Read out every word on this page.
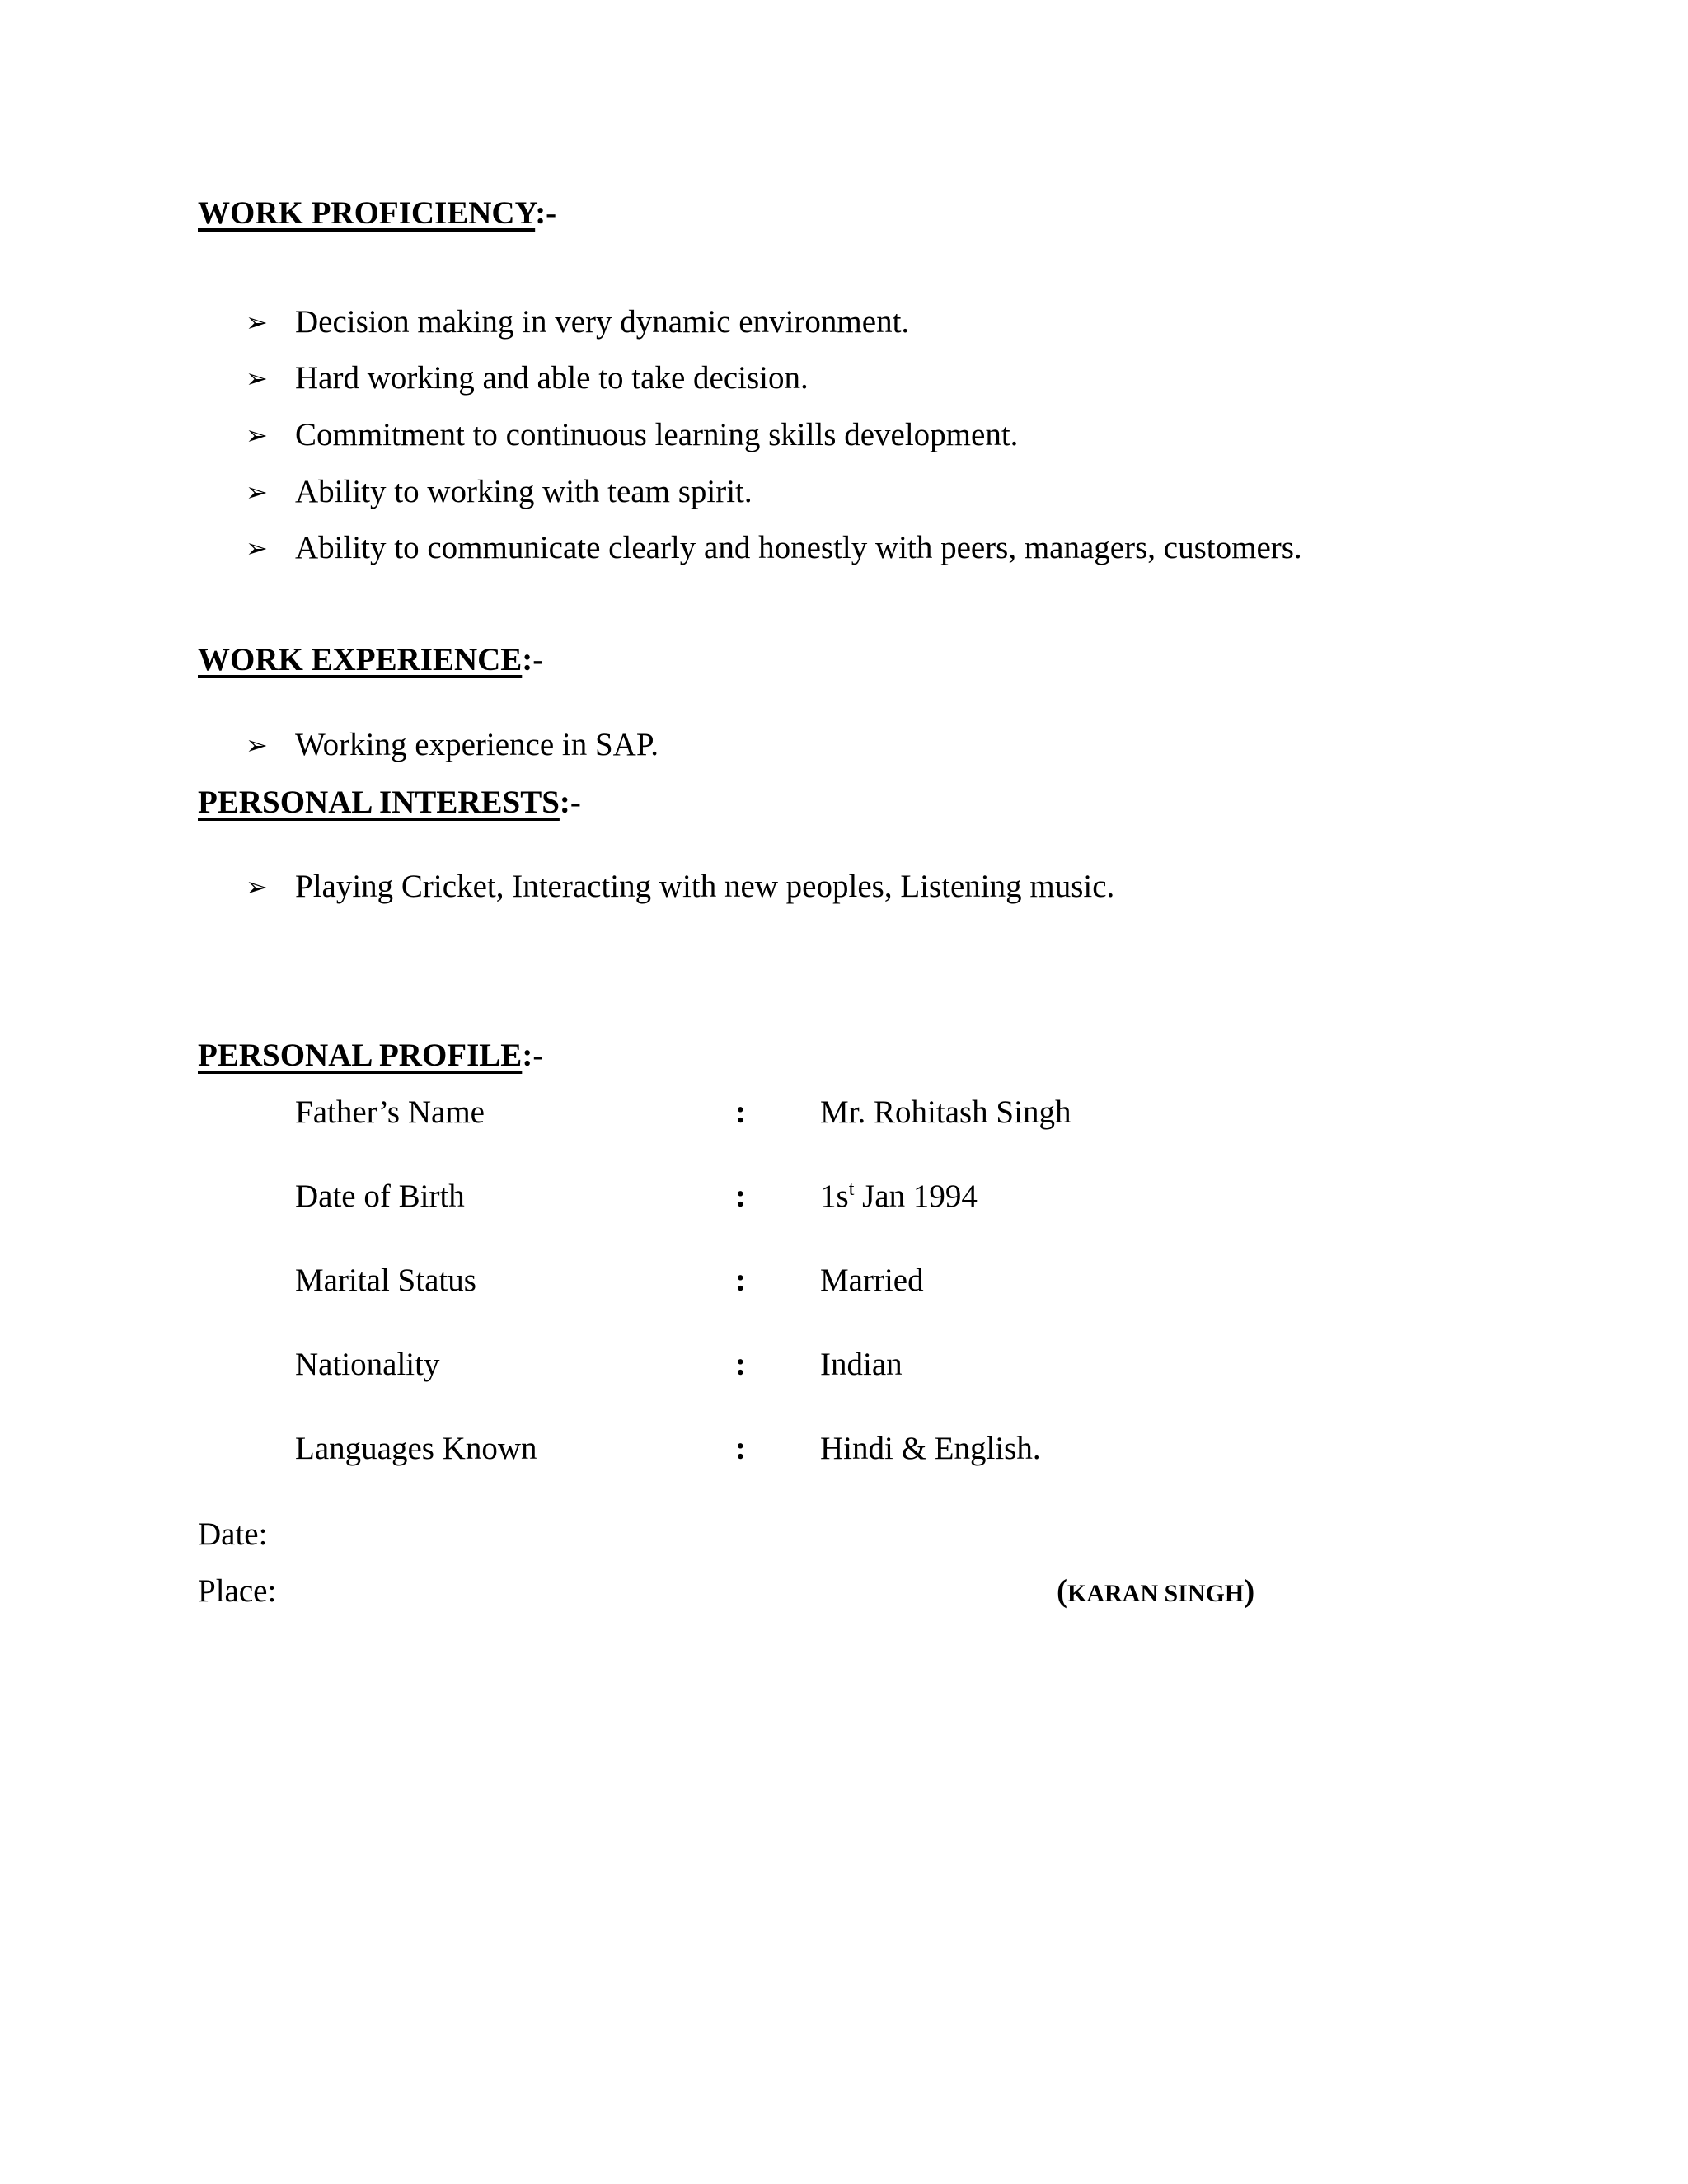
WORK PROFICIENCY:-
➢ Decision making in very dynamic environment.
➢ Hard working and able to take decision.
➢ Commitment to continuous learning skills development.
➢ Ability to working with team spirit.
➢ Ability to communicate clearly and honestly with peers, managers, customers.
WORK EXPERIENCE:-
➢ Working experience in SAP.
PERSONAL INTERESTS:-
➢ Playing Cricket, Interacting with new peoples, Listening music.
PERSONAL PROFILE:-
Father’s Name	: Mr. Rohitash Singh
Date of Birth	: $1s^t$ Jan 1994
Marital Status	: Married
Nationality	: Indian
Languages Known	: Hindi & English.
Date:
Place:	(KARAN SINGH)
